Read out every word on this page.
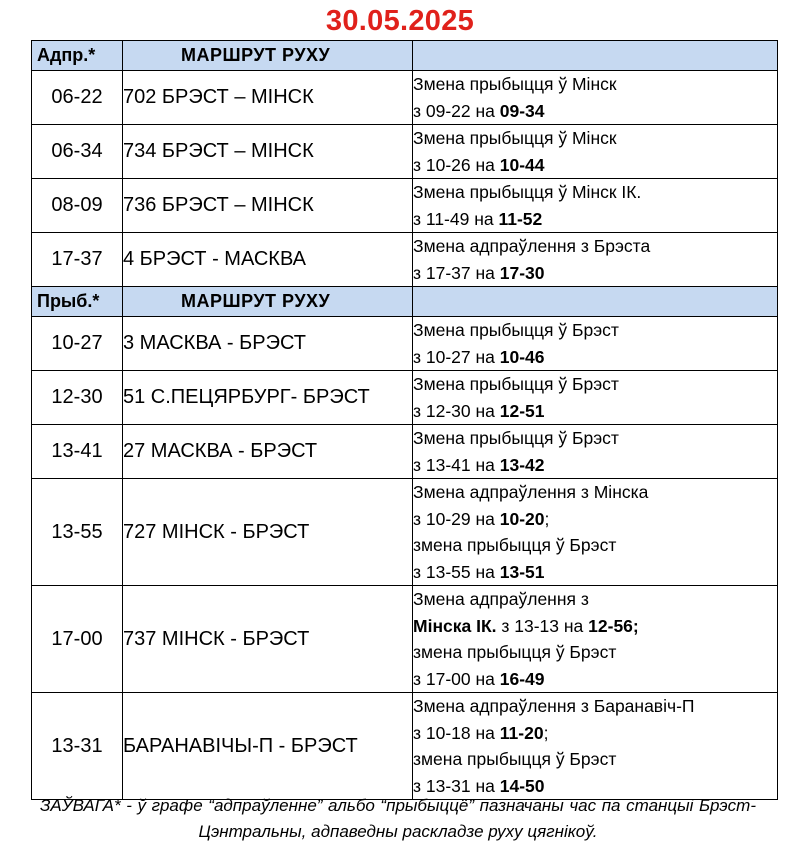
30.05.2025
Адпр.*	МАРШРУТ РУХУ	
06-22	702 БРЭСТ – МІНСК	Змена прыбыцця ў Мінск
з 09-22 на 09-34

06-34	734 БРЭСТ – МІНСК	Змена прыбыцця ў Мінск
з 10-26 на 10-44

08-09	736 БРЭСТ – МІНСК	Змена прыбыцця ў Мінск ІК.
з 11-49 на 11-52

17-37	4 БРЭСТ - МАСКВА	Змена адпраўлення з Брэста
з 17-37 на 17-30

Прыб.*	МАРШРУТ РУХУ	
10-27	3 МАСКВА - БРЭСТ	Змена прыбыцця ў Брэст
з 10-27 на 10-46

12-30	51 С.ПЕЦЯРБУРГ- БРЭСТ	Змена прыбыцця ў Брэст
з 12-30 на 12-51

13-41	27 МАСКВА - БРЭСТ	Змена прыбыцця ў Брэст
з 13-41 на 13-42

13-55	727 МІНСК - БРЭСТ	Змена адпраўлення з Мінска
з 10-29 на 10-20;
змена прыбыцця ў Брэст
з 13-55 на 13-51

17-00	737 МІНСК - БРЭСТ	Змена адпраўлення з
Мінска ІК. з 13-13 на 12-56;
змена прыбыцця ў Брэст
з 17-00 на 16-49

13-31	БАРАНАВІЧЫ-П - БРЭСТ	Змена адпраўлення з Баранавіч-П
з 10-18 на 11-20;
змена прыбыцця ў Брэст
з 13-31 на 14-50
ЗАЎВАГА* - ў графе “адпраўленне” альбо “прыбыццё” пазначаны час па станцыі Брэст-Цэнтральны, адпаведны раскладзе руху цягнікоў.
